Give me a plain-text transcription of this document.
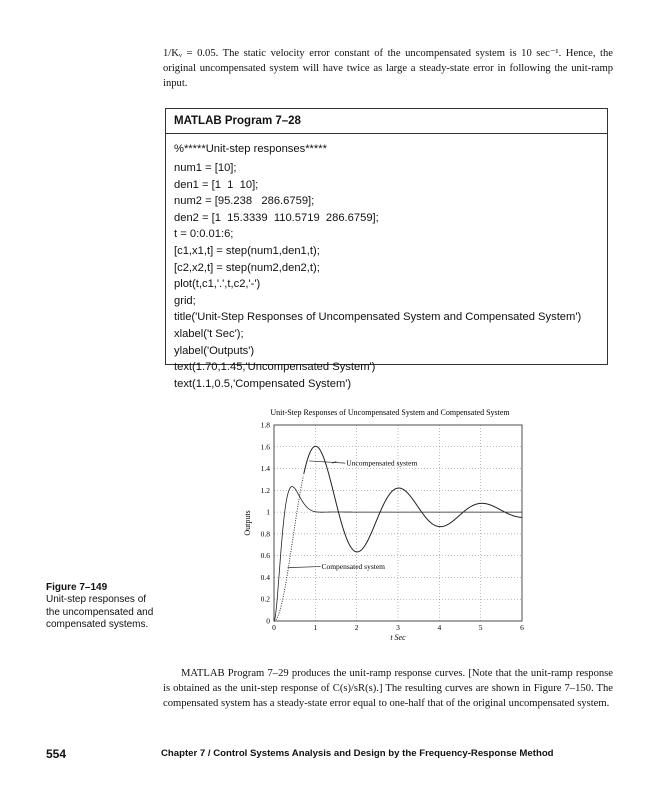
1/Kᵥ = 0.05. The static velocity error constant of the uncompensated system is 10 sec⁻¹. Hence, the original uncompensated system will have twice as large a steady-state error in following the unit-ramp input.

MATLAB Program 7–28
%*****Unit-step responses*****
num1 = [10];
den1 = [1  1  10];
num2 = [95.238   286.6759];
den2 = [1  15.3339  110.5719  286.6759];
t = 0:0.01:6;
[c1,x1,t] = step(num1,den1,t);
[c2,x2,t] = step(num2,den2,t);
plot(t,c1,'.',t,c2,'-')
grid;
title('Unit-Step Responses of Uncompensated System and Compensated System')
xlabel('t Sec');
ylabel('Outputs')
text(1.70,1.45,'Uncompensated System')
text(1.1,0.5,'Compensated System')
Unit-Step Responses of Uncompensated System and Compensated System
0	1	2	3	4	5	6
0
0.2
0.4
0.6
0.8
1
1.2
1.4
1.6
1.8
Uncompensated system
Compensated system
t Sec
Outputs
Figure 7–149
Unit-step responses of the uncompensated and compensated systems.

MATLAB Program 7–29 produces the unit-ramp response curves. [Note that the unit-ramp response is obtained as the unit-step response of C(s)/sR(s).] The resulting curves are shown in Figure 7–150. The compensated system has a steady-state error equal to one-half that of the original uncompensated system.

554	Chapter 7 / Control Systems Analysis and Design by the Frequency-Response Method
